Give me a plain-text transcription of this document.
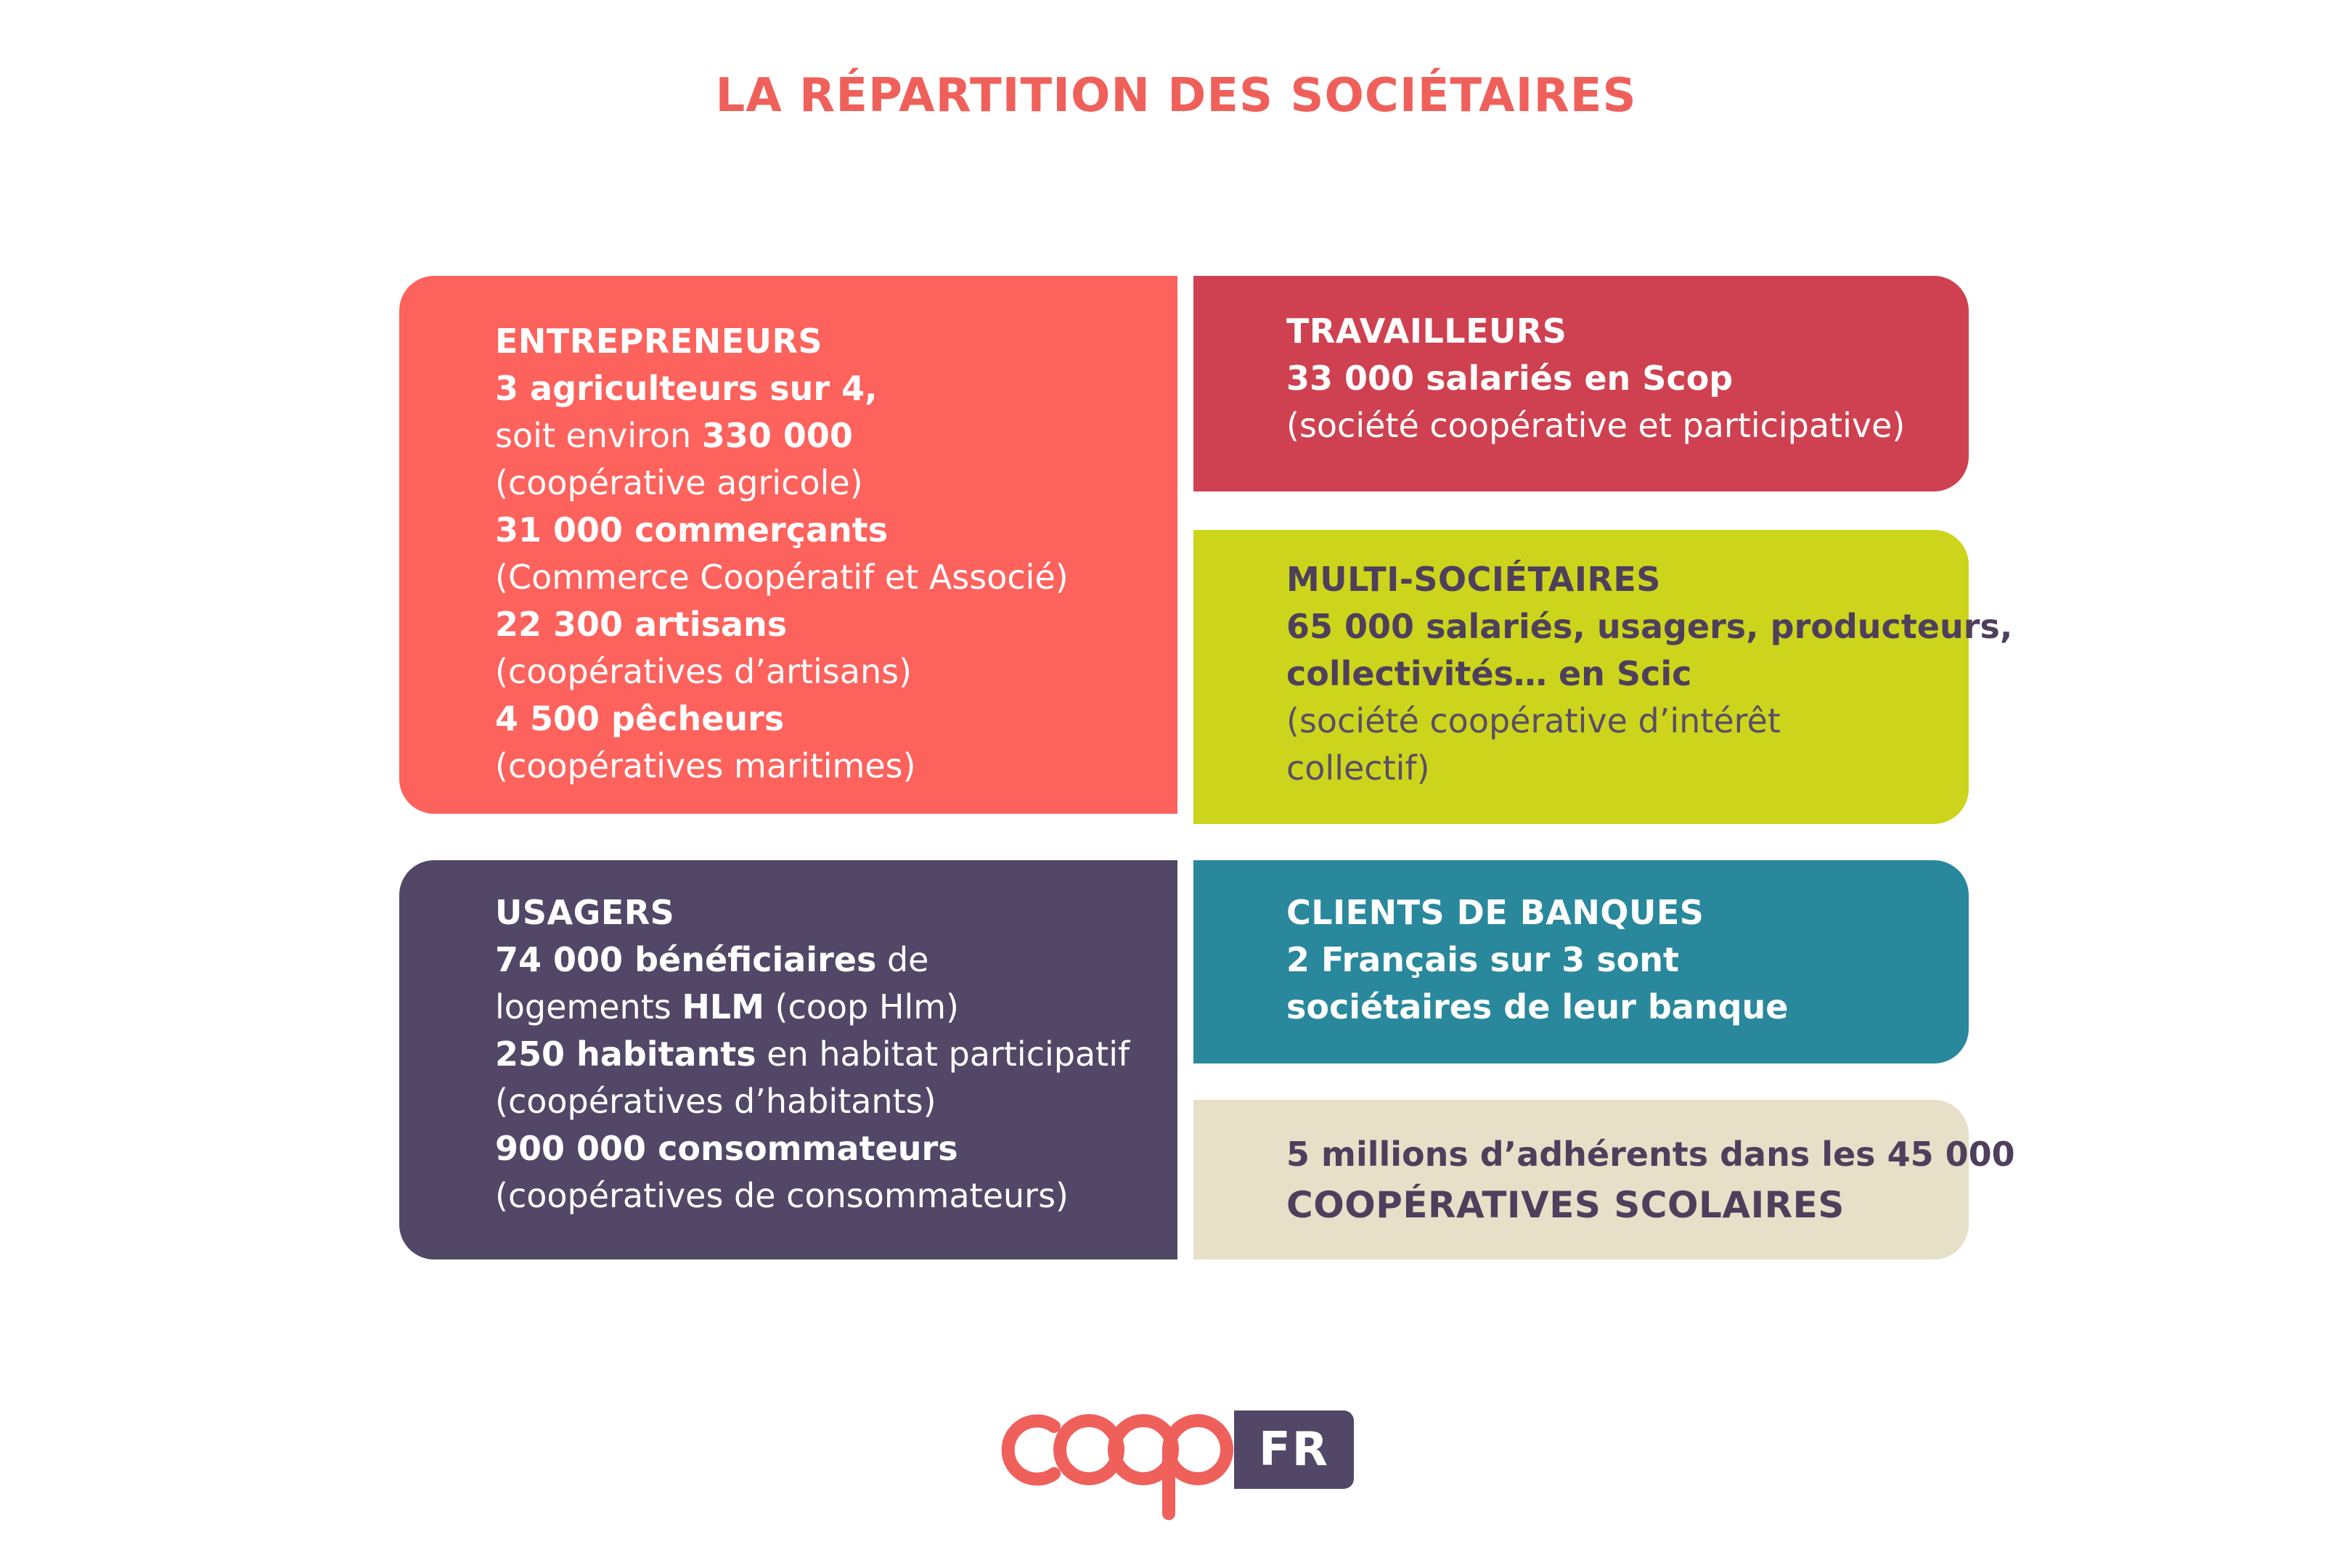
LA RÉPARTITION DES SOCIÉTAIRES
ENTREPRENEURS
3 agriculteurs sur 4,
soit environ 330 000
(coopérative agricole)
31 000 commerçants
(Commerce Coopératif et Associé)
22 300 artisans
(coopératives d’artisans)
4 500 pêcheurs
(coopératives maritimes)
TRAVAILLEURS
33 000 salariés en Scop
(société coopérative et participative)
MULTI-SOCIÉTAIRES
65 000 salariés, usagers, producteurs,
collectivités… en Scic
(société coopérative d’intérêt
collectif)
USAGERS
74 000 bénéficiaires de
logements HLM (coop Hlm)
250 habitants en habitat participatif
(coopératives d’habitants)
900 000 consommateurs
(coopératives de consommateurs)
CLIENTS DE BANQUES
2 Français sur 3 sont
sociétaires de leur banque
5 millions d’adhérents dans les 45 000
COOPÉRATIVES SCOLAIRES
FR
